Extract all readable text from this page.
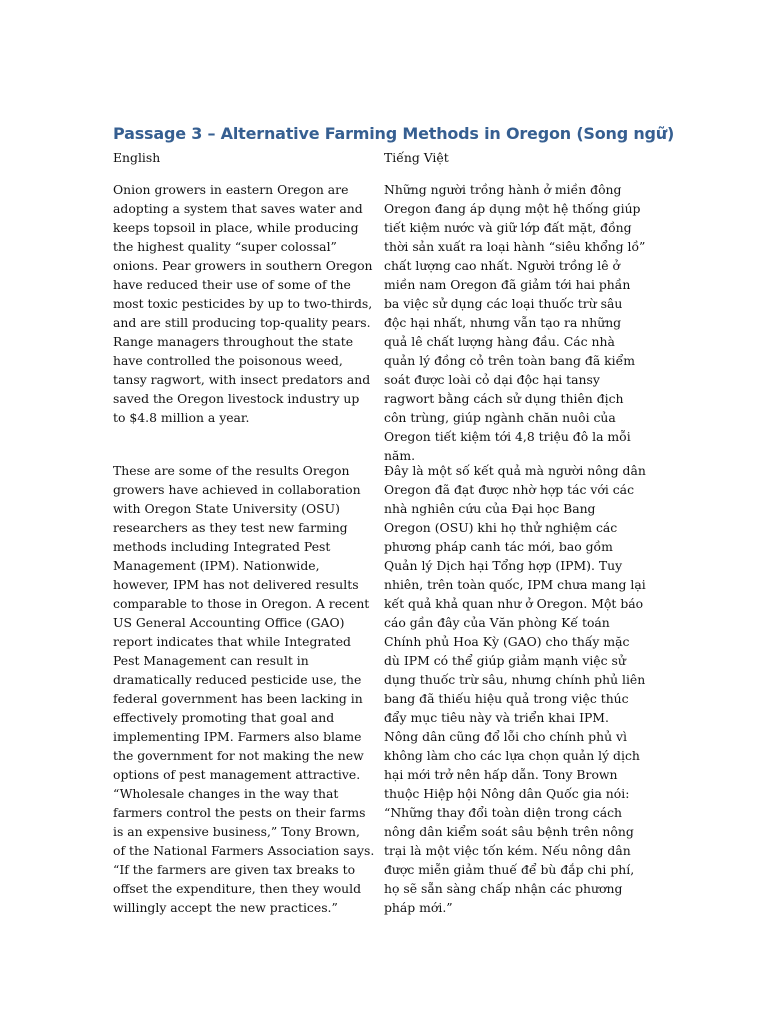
Passage 3 – Alternative Farming Methods in Oregon (Song ngữ)

English	Tiếng Việt

Onion growers in eastern Oregon are adopting a system that saves water and keeps topsoil in place, while producing the highest quality “super colossal” onions. Pear growers in southern Oregon have reduced their use of some of the most toxic pesticides by up to two-thirds, and are still producing top-quality pears. Range managers throughout the state have controlled the poisonous weed, tansy ragwort, with insect predators and saved the Oregon livestock industry up to $4.8 million a year.

Những người trồng hành ở miền đông Oregon đang áp dụng một hệ thống giúp tiết kiệm nước và giữ lớp đất mặt, đồng thời sản xuất ra loại hành “siêu khổng lồ” chất lượng cao nhất. Người trồng lê ở miền nam Oregon đã giảm tới hai phần ba việc sử dụng các loại thuốc trừ sâu độc hại nhất, nhưng vẫn tạo ra những quả lê chất lượng hàng đầu. Các nhà quản lý đồng cỏ trên toàn bang đã kiểm soát được loài cỏ dại độc hại tansy ragwort bằng cách sử dụng thiên địch côn trùng, giúp ngành chăn nuôi của Oregon tiết kiệm tới 4,8 triệu đô la mỗi năm.

These are some of the results Oregon growers have achieved in collaboration with Oregon State University (OSU) researchers as they test new farming methods including Integrated Pest Management (IPM). Nationwide, however, IPM has not delivered results comparable to those in Oregon. A recent US General Accounting Office (GAO) report indicates that while Integrated Pest Management can result in dramatically reduced pesticide use, the federal government has been lacking in effectively promoting that goal and implementing IPM. Farmers also blame the government for not making the new options of pest management attractive. “Wholesale changes in the way that farmers control the pests on their farms is an expensive business,” Tony Brown, of the National Farmers Association says. “If the farmers are given tax breaks to offset the expenditure, then they would willingly accept the new practices.”

Đây là một số kết quả mà người nông dân Oregon đã đạt được nhờ hợp tác với các nhà nghiên cứu của Đại học Bang Oregon (OSU) khi họ thử nghiệm các phương pháp canh tác mới, bao gồm Quản lý Dịch hại Tổng hợp (IPM). Tuy nhiên, trên toàn quốc, IPM chưa mang lại kết quả khả quan như ở Oregon. Một báo cáo gần đây của Văn phòng Kế toán Chính phủ Hoa Kỳ (GAO) cho thấy mặc dù IPM có thể giúp giảm mạnh việc sử dụng thuốc trừ sâu, nhưng chính phủ liên bang đã thiếu hiệu quả trong việc thúc đẩy mục tiêu này và triển khai IPM. Nông dân cũng đổ lỗi cho chính phủ vì không làm cho các lựa chọn quản lý dịch hại mới trở nên hấp dẫn. Tony Brown thuộc Hiệp hội Nông dân Quốc gia nói: “Những thay đổi toàn diện trong cách nông dân kiểm soát sâu bệnh trên nông trại là một việc tốn kém. Nếu nông dân được miễn giảm thuế để bù đắp chi phí, họ sẽ sẵn sàng chấp nhận các phương pháp mới.”
